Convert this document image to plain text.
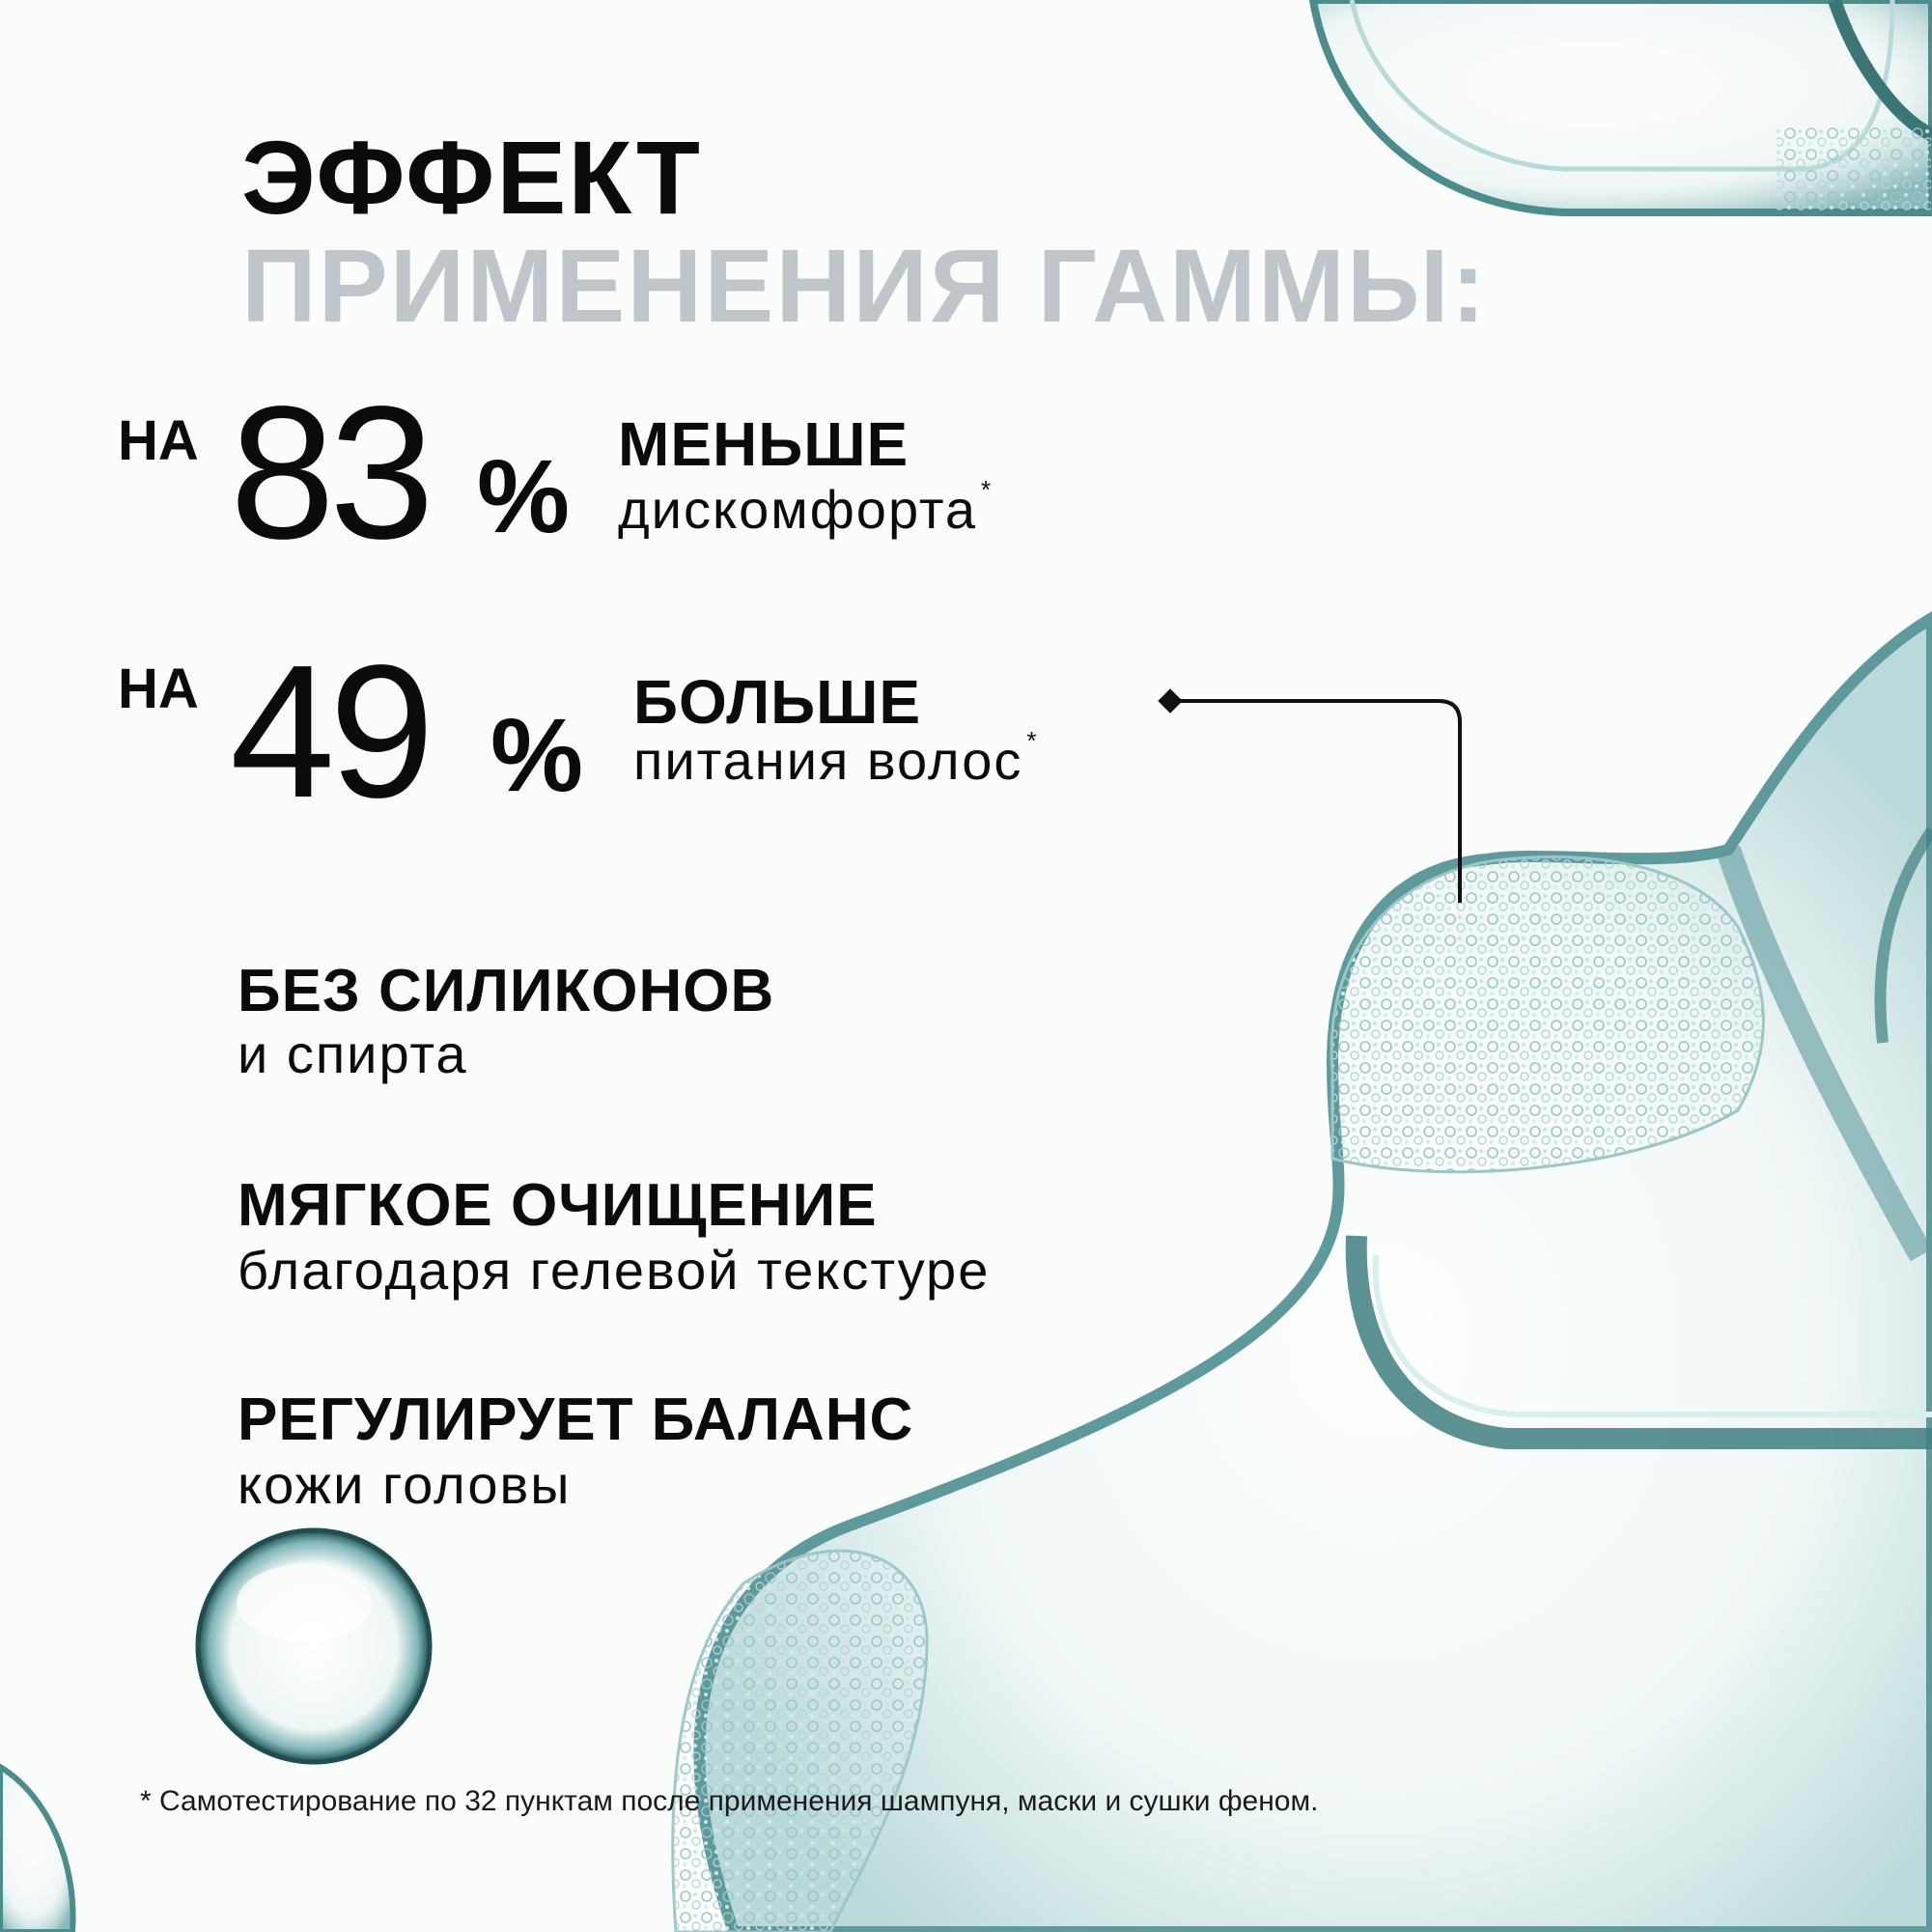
ЭФФЕКТ
ПРИМЕНЕНИЯ ГАММЫ:
НА 83 % МЕНЬШЕ
дискомфорта *
НА 49 % БОЛЬШЕ
питания волос *
БЕЗ СИЛИКОНОВ
и спирта
МЯГКОЕ ОЧИЩЕНИЕ
благодаря гелевой текстуре
РЕГУЛИРУЕТ БАЛАНС
кожи головы

* Самотестирование по 32 пунктам после применения шампуня, маски и сушки феном.
